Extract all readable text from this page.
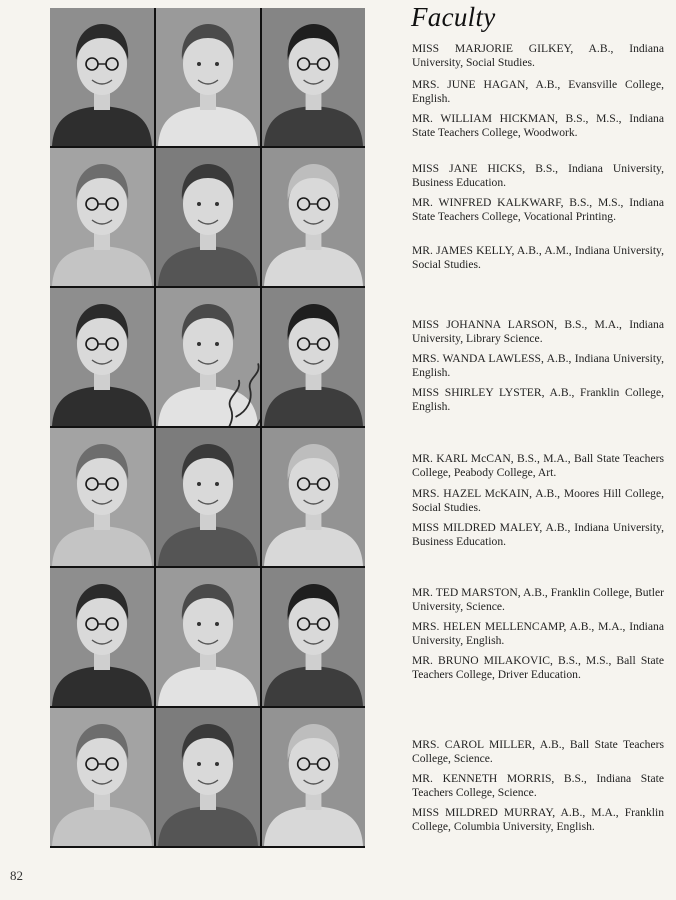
Faculty

MISS MARJORIE GILKEY, A.B., Indiana University, Social Studies.

MRS. JUNE HAGAN, A.B., Evansville College, English.

MR. WILLIAM HICKMAN, B.S., M.S., Indiana State Teachers College, Woodwork.

MISS JANE HICKS, B.S., Indiana University, Business Education.

MR. WINFRED KALKWARF, B.S., M.S., Indiana State Teachers College, Vocational Printing.

MR. JAMES KELLY, A.B., A.M., Indiana University, Social Studies.

MISS JOHANNA LARSON, B.S., M.A., Indiana University, Library Science.

MRS. WANDA LAWLESS, A.B., Indiana University, English.

MISS SHIRLEY LYSTER, A.B., Franklin College, English.

MR. KARL McCAN, B.S., M.A., Ball State Teachers College, Peabody College, Art.

MRS. HAZEL McKAIN, A.B., Moores Hill College, Social Studies.

MISS MILDRED MALEY, A.B., Indiana University, Business Education.

MR. TED MARSTON, A.B., Franklin College, Butler University, Science.

MRS. HELEN MELLENCAMP, A.B., M.A., Indiana University, English.

MR. BRUNO MILAKOVIC, B.S., M.S., Ball State Teachers College, Driver Education.

MRS. CAROL MILLER, A.B., Ball State Teachers College, Science.

MR. KENNETH MORRIS, B.S., Indiana State Teachers College, Science.

MISS MILDRED MURRAY, A.B., M.A., Franklin College, Columbia University, English.

82
